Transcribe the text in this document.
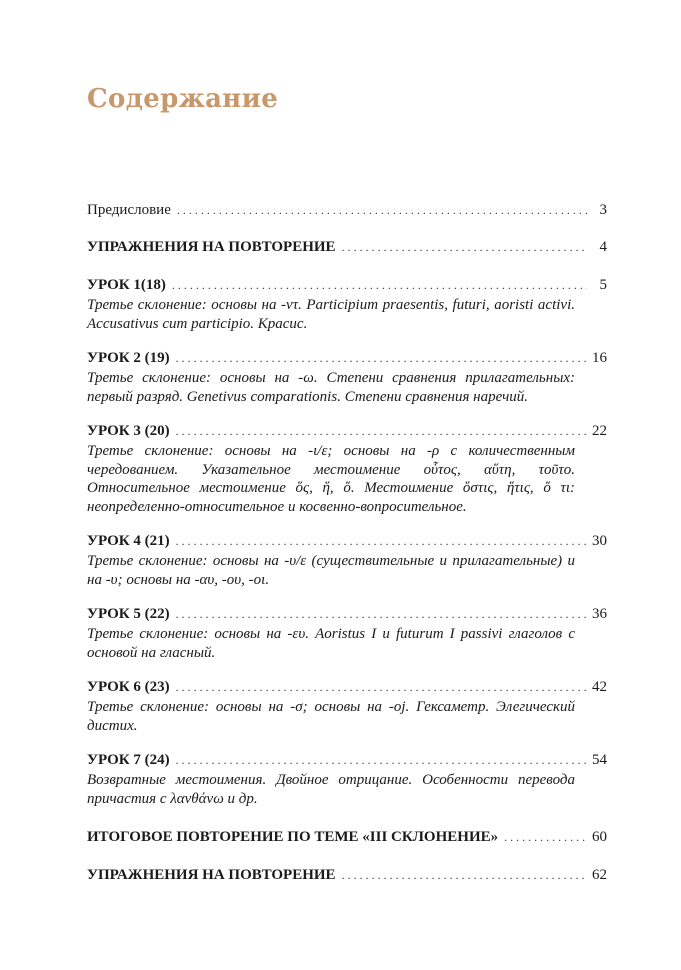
Содержание
Предисловие . . .	3
УПРАЖНЕНИЯ НА ПОВТОРЕНИЕ . . .	4
УРОК 1(18) . . .	5

Третье склонение: основы на -ντ. Participium praesentis, futuri, aoristi activi. Accusativus cum participio. Красис.

УРОК 2 (19) . . .	16

Третье склонение: основы на -ω. Степени сравнения прилагательных: первый разряд. Genetivus comparationis. Степени сравнения наречий.

УРОК 3 (20) . . .	22

Третье склонение: основы на -ι/ε; основы на -ρ с количественным чередованием. Указательное местоимение οὗτος, αὕτη, τοῦτο. Относительное местоимение ὅς, ἥ, ὅ. Местоимение ὅστις, ἥτις, ὅ τι: неопределенно-относительное и косвенно-вопросительное.

УРОК 4 (21) . . .	30

Третье склонение: основы на -υ/ε (существительные и прилагательные) и на -υ; основы на -αυ, -ου, -οι.

УРОК 5 (22) . . .	36

Третье склонение: основы на -ευ. Aoristus I и futurum I passivi глаголов с основой на гласный.

УРОК 6 (23) . . .	42

Третье склонение: основы на -σ; основы на -οj. Гексаметр. Элегический дистих.

УРОК 7 (24) . . .	54

Возвратные местоимения. Двойное отрицание. Особенности перевода причастия с λανθάνω и др.

ИТОГОВОЕ ПОВТОРЕНИЕ ПО ТЕМЕ «III СКЛОНЕНИЕ» . . .	60
УПРАЖНЕНИЯ НА ПОВТОРЕНИЕ . . .	62
